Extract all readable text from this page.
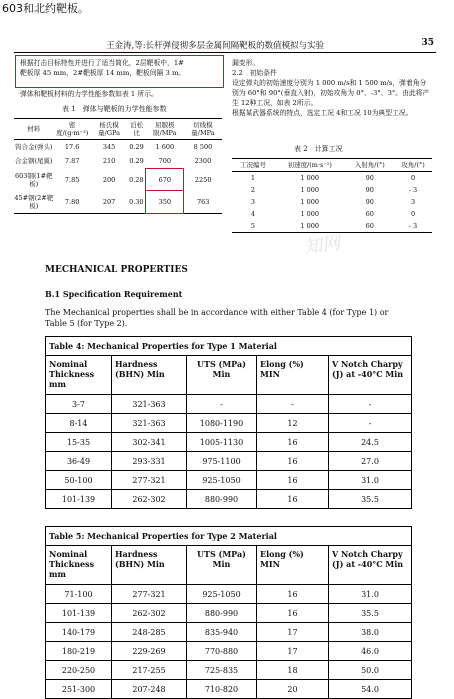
603和北约靶板。
王金涛,等:长杆弹侵彻多层金属间隔靶板的数值模拟与实验	35
根据打击目标特性并进行了适当简化，2层靶板中，1#
靶板厚 45 mm，2#靶板厚 14 mm，靶板间隔 3 m。
弹体和靶板材料的力学性能参数如表 1 所示。
表 1　弹体与靶板的力学性能参数
材料	密度/(g·m⁻³)	杨氏模量/GPa	泊松比	屈服极限/MPa	切线模量/MPa
钨合金(弹头)	17.6	345	0.29	1 600	8 500
合金钢(尾翼)	7.87	210	0.29	700	2300
603钢(1#靶板)	7.85	200	0.28	670	2250
45#钢(2#靶板)	7.80	207	0.30	350	763
漏变形。
2.2　初始条件
设定弹丸的初始速度分别为 1 000 m/s和 1 500 m/s，弹着角分别为 60°和 90°(垂直入射)，初始攻角为 0°、-3°、3°。由此将产生 12种工况，如表 2所示。
根据某武器系统的特点，选定工况 4和工况 10为典型工况。
表 2　计算工况
工况编号	初速度/(m·s⁻¹)	入射角/(°)	攻角/(°)
1	1 000	90	0
2	1 000	90	- 3
3	1 000	90	3
4	1 000	60	0
5	1 000	60	- 3
知网
MECHANICAL PROPERTIES
B.1 Specification Requirement
The Mechanical properties shall be in accordance with either Table 4 (for Type 1) or Table 5 (for Type 2).
Table 4: Mechanical Properties for Type 1 Material				
Nominal Thickness mm	Hardness (BHN) Min	UTS (MPa) Min	Elong (%) MIN	V Notch Charpy (J) at -40°C Min
3-7	321-363	-	-	-
8-14	321-363	1080-1190	12	-
15-35	302-341	1005-1130	16	24.5
36-49	293-331	975-1100	16	27.0
50-100	277-321	925-1050	16	31.0
101-139	262-302	880-990	16	35.5
Table 5: Mechanical Properties for Type 2 Material				
Nominal Thickness mm	Hardness (BHN) Min	UTS (MPa) Min	Elong (%) MIN	V Notch Charpy (J) at -40°C Min
71-100	277-321	925-1050	16	31.0
101-139	262-302	880-990	16	35.5
140-179	248-285	835-940	17	38.0
180-219	229-269	770-880	17	46.0
220-250	217-255	725-835	18	50.0
251-300	207-248	710-820	20	54.0
